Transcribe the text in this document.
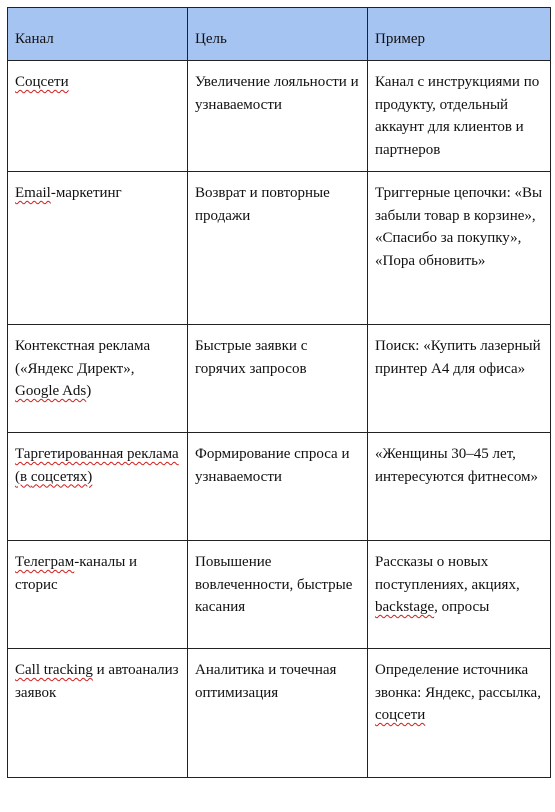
Канал	Цель	Пример
Соцсети	Увеличение лояльности и узнаваемости	Канал с инструкциями по продукту, отдельный аккаунт для клиентов и партнеров
Email-маркетинг	Возврат и повторные продажи	Триггерные цепочки: «Вы забыли товар в корзине», «Спасибо за покупку», «Пора обновить»
Контекстная реклама («Яндекс Директ», Google Ads)	Быстрые заявки с горячих запросов	Поиск: «Купить лазерный принтер A4 для офиса»
Таргетированная реклама (в соцсетях)	Формирование спроса и узнаваемости	«Женщины 30–45 лет, интересуются фитнесом»
Телеграм-каналы и сторис	Повышение вовлеченности, быстрые касания	Рассказы о новых поступлениях, акциях, backstage, опросы
Call tracking и автоанализ заявок	Аналитика и точечная оптимизация	Определение источника звонка: Яндекс, рассылка, соцсети
